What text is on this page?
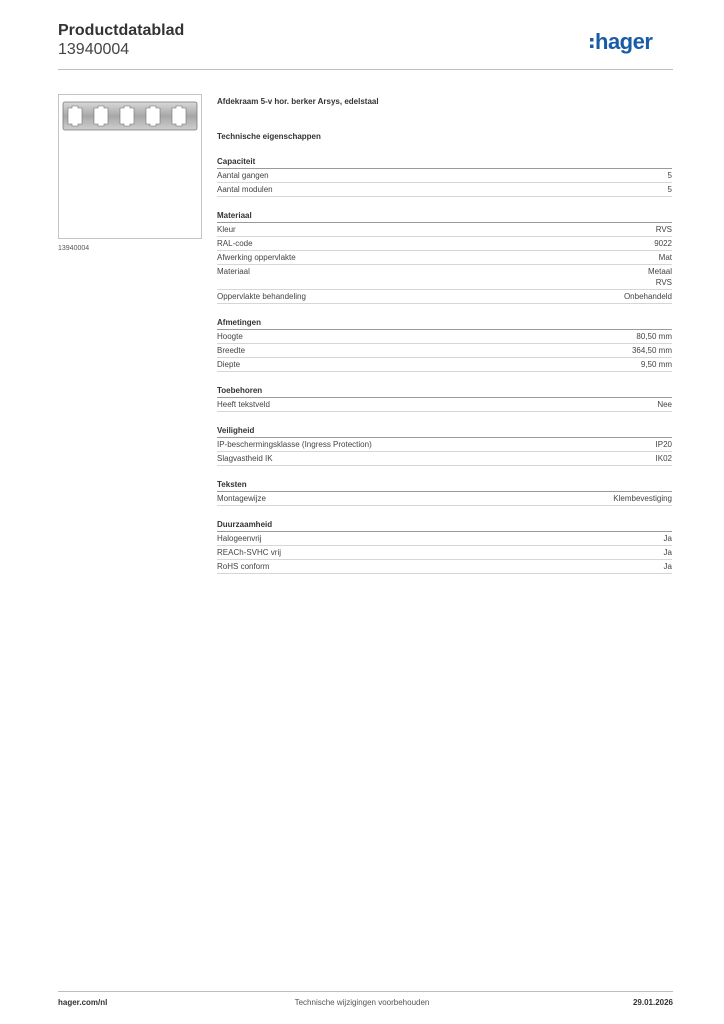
Productdatablad
13940004	hager
13940004
Afdekraam 5-v hor. berker Arsys, edelstaal
Technische eigenschappen
Capaciteit
Aantal gangen	5
Aantal modulen	5
Materiaal
Kleur	RVS
RAL-code	9022
Afwerking oppervlakte	Mat
Materiaal	Metaal
RVS
Oppervlakte behandeling	Onbehandeld
Afmetingen
Hoogte	80,50 mm
Breedte	364,50 mm
Diepte	9,50 mm
Toebehoren
Heeft tekstveld	Nee
Veiligheid
IP-beschermingsklasse (Ingress Protection)	IP20
Slagvastheid IK	IK02
Teksten
Montagewijze	Klembevestiging
Duurzaamheid
Halogeenvrij	Ja
REACh-SVHC vrij	Ja
RoHS conform	Ja
hager.com/nl	Technische wijzigingen voorbehouden	29.01.2026
